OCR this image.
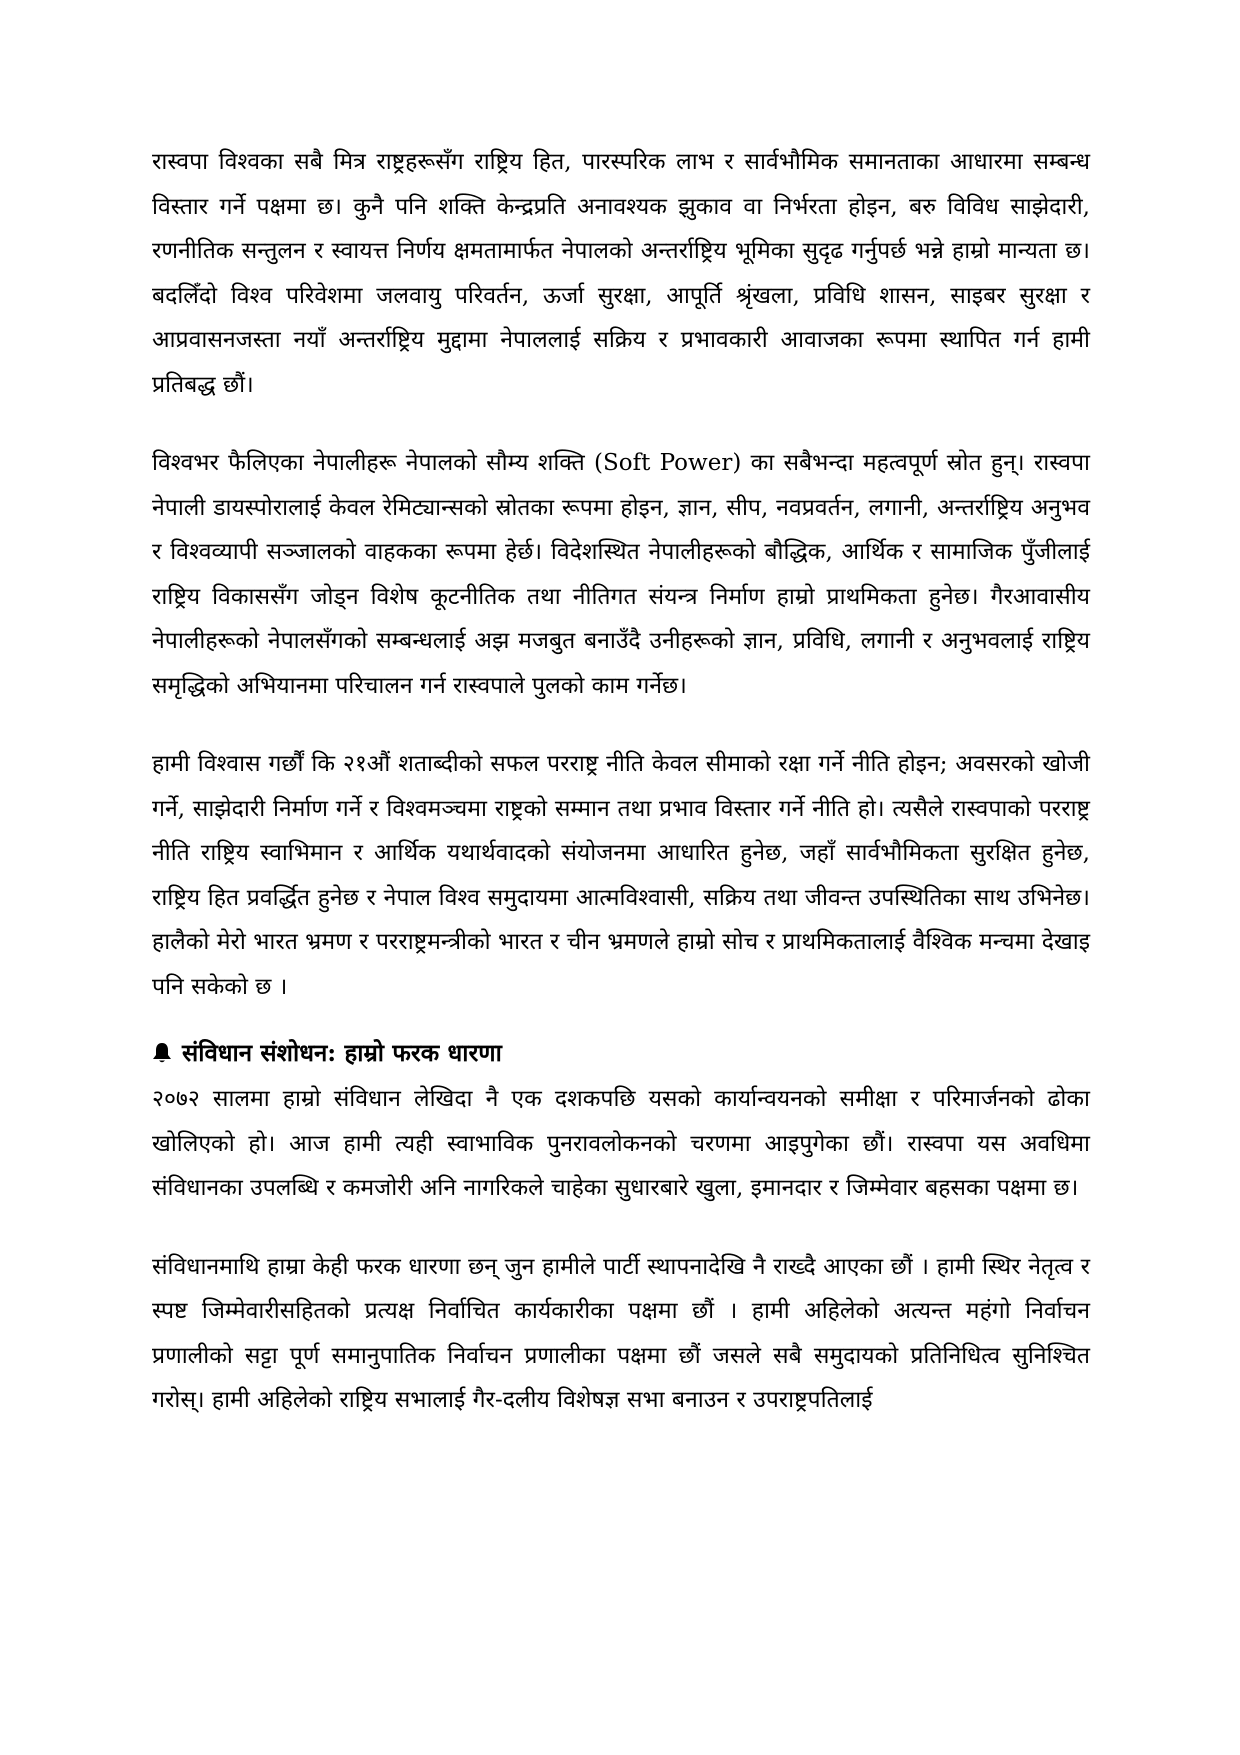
रास्वपा विश्वका सबै मित्र राष्ट्रहरूसँग राष्ट्रिय हित, पारस्परिक लाभ र सार्वभौमिक समानताका आधारमा सम्बन्ध विस्तार गर्ने पक्षमा छ। कुनै पनि शक्ति केन्द्रप्रति अनावश्यक झुकाव वा निर्भरता होइन, बरु विविध साझेदारी, रणनीतिक सन्तुलन र स्वायत्त निर्णय क्षमतामार्फत नेपालको अन्तर्राष्ट्रिय भूमिका सुदृढ गर्नुपर्छ भन्ने हाम्रो मान्यता छ। बदलिँदो विश्व परिवेशमा जलवायु परिवर्तन, ऊर्जा सुरक्षा, आपूर्ति श्रृंखला, प्रविधि शासन, साइबर सुरक्षा र आप्रवासनजस्ता नयाँ अन्तर्राष्ट्रिय मुद्दामा नेपाललाई सक्रिय र प्रभावकारी आवाजका रूपमा स्थापित गर्न हामी प्रतिबद्ध छौं।

विश्वभर फैलिएका नेपालीहरू नेपालको सौम्य शक्ति (Soft Power) का सबैभन्दा महत्वपूर्ण स्रोत हुन्। रास्वपा नेपाली डायस्पोरालाई केवल रेमिट्यान्सको स्रोतका रूपमा होइन, ज्ञान, सीप, नवप्रवर्तन, लगानी, अन्तर्राष्ट्रिय अनुभव र विश्वव्यापी सञ्जालको वाहकका रूपमा हेर्छ। विदेशस्थित नेपालीहरूको बौद्धिक, आर्थिक र सामाजिक पुँजीलाई राष्ट्रिय विकाससँग जोड्न विशेष कूटनीतिक तथा नीतिगत संयन्त्र निर्माण हाम्रो प्राथमिकता हुनेछ। गैरआवासीय नेपालीहरूको नेपालसँगको सम्बन्धलाई अझ मजबुत बनाउँदै उनीहरूको ज्ञान, प्रविधि, लगानी र अनुभवलाई राष्ट्रिय समृद्धिको अभियानमा परिचालन गर्न रास्वपाले पुलको काम गर्नेछ।

हामी विश्वास गर्छौं कि २१औं शताब्दीको सफल परराष्ट्र नीति केवल सीमाको रक्षा गर्ने नीति होइन; अवसरको खोजी गर्ने, साझेदारी निर्माण गर्ने र विश्वमञ्चमा राष्ट्रको सम्मान तथा प्रभाव विस्तार गर्ने नीति हो। त्यसैले रास्वपाको परराष्ट्र नीति राष्ट्रिय स्वाभिमान र आर्थिक यथार्थवादको संयोजनमा आधारित हुनेछ, जहाँ सार्वभौमिकता सुरक्षित हुनेछ, राष्ट्रिय हित प्रवर्द्धित हुनेछ र नेपाल विश्व समुदायमा आत्मविश्वासी, सक्रिय तथा जीवन्त उपस्थितिका साथ उभिनेछ। हालैको मेरो भारत भ्रमण र परराष्ट्रमन्त्रीको भारत र चीन भ्रमणले हाम्रो सोच र प्राथमिकतालाई वैश्विक मन्चमा देखाइ पनि सकेको छ ।

संविधान संशोधन: हाम्रो फरक धारणा

२०७२ सालमा हाम्रो संविधान लेखिदा नै एक दशकपछि यसको कार्यान्वयनको समीक्षा र परिमार्जनको ढोका खोलिएको हो। आज हामी त्यही स्वाभाविक पुनरावलोकनको चरणमा आइपुगेका छौं। रास्वपा यस अवधिमा संविधानका उपलब्धि र कमजोरी अनि नागरिकले चाहेका सुधारबारे खुला, इमानदार र जिम्मेवार बहसका पक्षमा छ।

संविधानमाथि हाम्रा केही फरक धारणा छन् जुन हामीले पार्टी स्थापनादेखि नै राख्दै आएका छौं । हामी स्थिर नेतृत्व र स्पष्ट जिम्मेवारीसहितको प्रत्यक्ष निर्वाचित कार्यकारीका पक्षमा छौं । हामी अहिलेको अत्यन्त महंगो निर्वाचन प्रणालीको सट्टा पूर्ण समानुपातिक निर्वाचन प्रणालीका पक्षमा छौं जसले सबै समुदायको प्रतिनिधित्व सुनिश्चित गरोस्। हामी अहिलेको राष्ट्रिय सभालाई गैर-दलीय विशेषज्ञ सभा बनाउन र उपराष्ट्रपतिलाई
